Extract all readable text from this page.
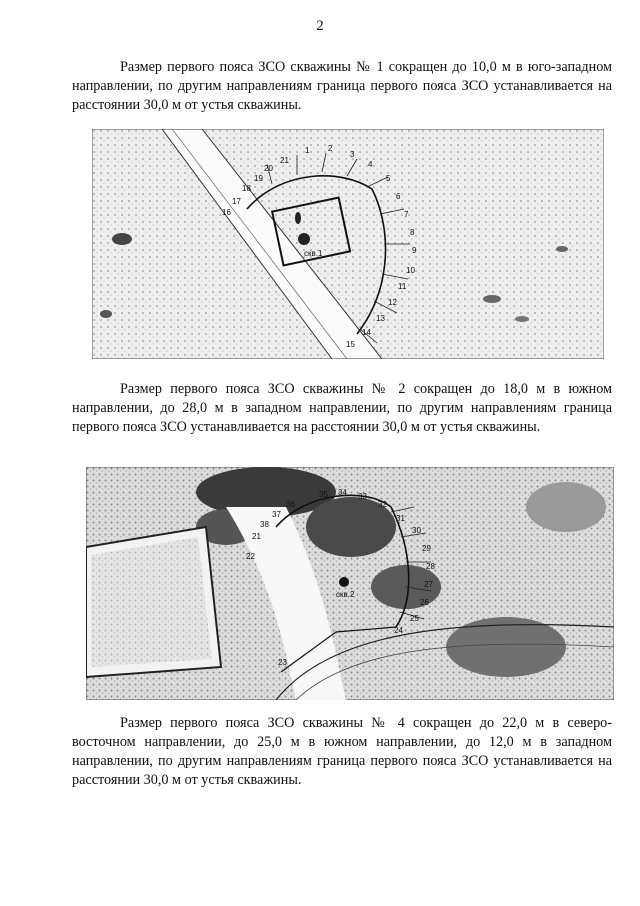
2

Размер первого пояса ЗСО скважины № 1 сокращен до 10,0 м в юго-западном направлении, по другим направлениям граница первого пояса ЗСО устанавливается на расстоянии 30,0 м от устья скважины.

скв.1
21
20
19
18
17
16
1 2
3
4
5
6
7
8
9
10
11
12
13
14
15

Размер первого пояса ЗСО скважины № 2 сокращен до 18,0 м в южном направлении, до 28,0 м в западном направлении, по другим направлениям граница первого пояса ЗСО устанавливается на расстоянии 30,0 м от устья скважины.

скв.2
35 34 33
32
31
30
29
28
27
26
25
24
23
22
21
36
37
38

Размер первого пояса ЗСО скважины № 4 сокращен до 22,0 м в северо-восточном направлении, до 25,0 м в южном направлении, до 12,0 м в западном направлении, по другим направлениям граница первого пояса ЗСО устанавливается на расстоянии 30,0 м от устья скважины.
